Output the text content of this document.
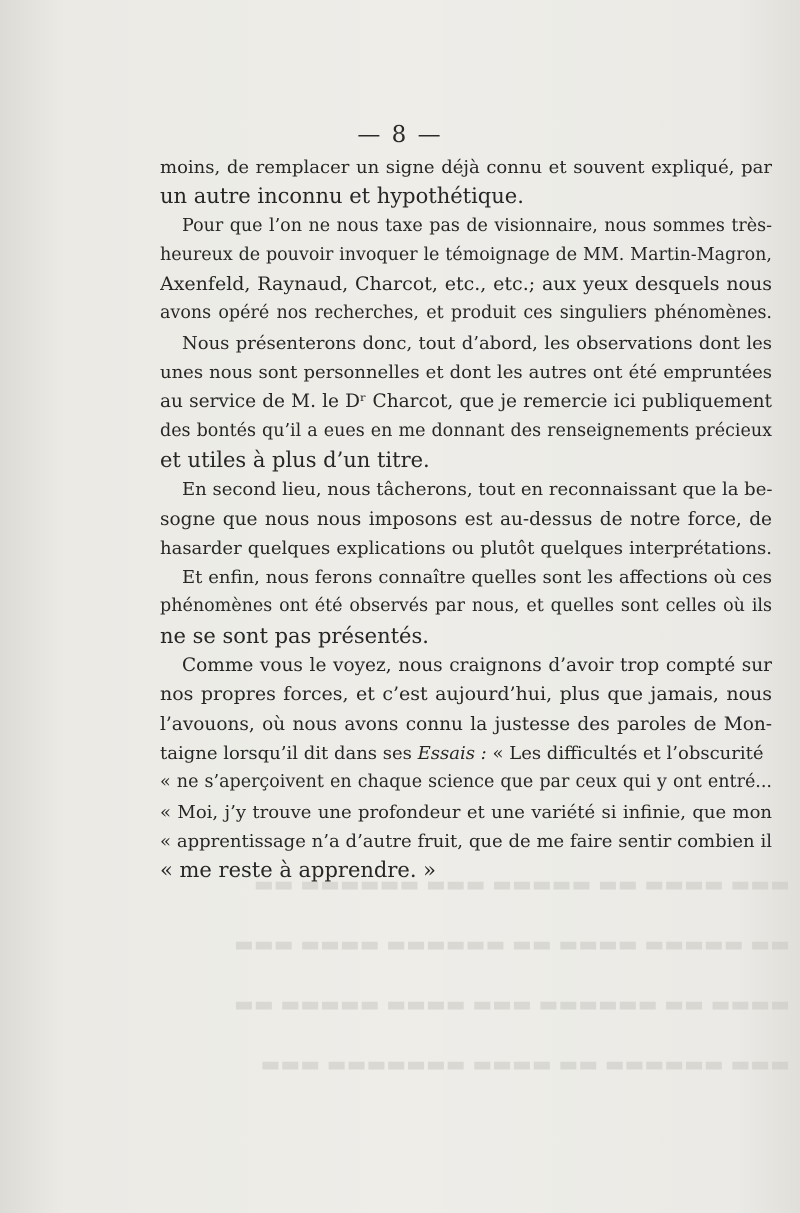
▬▬▬ ▬▬▬▬ ▬▬ ▬▬▬▬▬ ▬▬▬ ▬▬▬▬▬▬ ▬▬
▬▬ ▬▬▬▬▬ ▬▬▬▬ ▬▬ ▬▬▬▬▬▬ ▬▬▬▬ ▬▬▬
▬▬▬▬ ▬▬ ▬▬▬▬▬▬ ▬▬▬ ▬▬▬▬ ▬▬▬▬▬ ▬▬
▬▬▬ ▬▬▬▬▬▬ ▬▬ ▬▬▬▬ ▬▬▬▬▬▬▬ ▬▬▬
— 8 —
moins, de remplacer un signe déjà connu et souvent expliqué, par
un autre inconnu et hypothétique.
Pour que l’on ne nous taxe pas de visionnaire, nous sommes très-
heureux de pouvoir invoquer le témoignage de MM. Martin-Magron,
Axenfeld, Raynaud, Charcot, etc., etc.; aux yeux desquels nous
avons opéré nos recherches, et produit ces singuliers phénomènes.
Nous présenterons donc, tout d’abord, les observations dont les
unes nous sont personnelles et dont les autres ont été empruntées
au service de M. le Dʳ Charcot, que je remercie ici publiquement
des bontés qu’il a eues en me donnant des renseignements précieux
et utiles à plus d’un titre.
En second lieu, nous tâcherons, tout en reconnaissant que la be-
sogne que nous nous imposons est au-dessus de notre force, de
hasarder quelques explications ou plutôt quelques interprétations.
Et enfin, nous ferons connaître quelles sont les affections où ces
phénomènes ont été observés par nous, et quelles sont celles où ils
ne se sont pas présentés.
Comme vous le voyez, nous craignons d’avoir trop compté sur
nos propres forces, et c’est aujourd’hui, plus que jamais, nous
l’avouons, où nous avons connu la justesse des paroles de Mon-
taigne lorsqu’il dit dans ses Essais : « Les difficultés et l’obscurité
« ne s’aperçoivent en chaque science que par ceux qui y ont entré...
« Moi, j’y trouve une profondeur et une variété si infinie, que mon
« apprentissage n’a d’autre fruit, que de me faire sentir combien il
« me reste à apprendre. »
